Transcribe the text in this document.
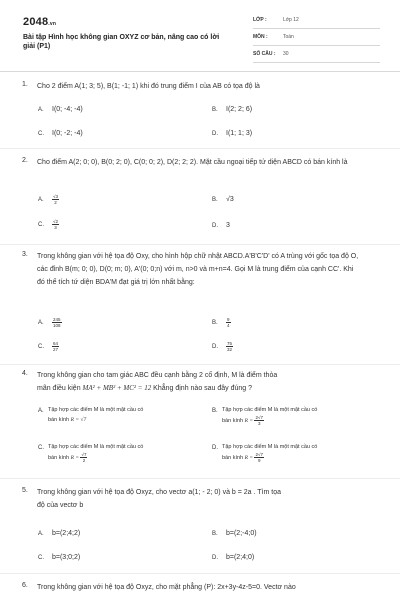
2048.vn
Bài tập Hình học không gian OXYZ cơ bản, nâng cao có lời giải (P1)
LỚP :	Lớp 12
MÔN :	Toán
SỐ CÂU :	30
1. Cho 2 điểm A(1; 3; 5), B(1; -1; 1) khi đó trung điểm I của AB có tọa độ là
A. I(0; -4; -4)	B. I(2; 2; 6)
C. I(0; -2; -4)	D. I(1; 1; 3)
2. Cho điểm A(2; 0; 0), B(0; 2; 0), C(0; 0; 2), D(2; 2; 2). Mặt cầu ngoại tiếp tứ diện ABCD có bán kính là
A. $\frac{√3}{2}$	B. √3
C. $\frac{√2}{3}$	D. 3
3. Trong không gian với hệ tọa độ Oxy, cho hình hộp chữ nhật ABCD.A'B'C'D' có A trùng với gốc tọa độ O, các đỉnh B(m; 0; 0), D(0; m; 0), A'(0; 0;n) với m, n>0 và m+n=4. Gọi M là trung điểm của cạnh CC'. Khi đó thể tích tứ diện BDA'M đạt giá trị lớn nhất bằng:
A. $\frac{245}{108}$	B. $\frac{9}{4}$
C. $\frac{64}{27}$	D. $\frac{75}{32}$
4. Trong không gian cho tam giác ABC đều cạnh bằng 2 cố định, M là điểm thỏa
mãn điều kiện MA² + MB² + MC² = 12 Khẳng định nào sau đây đúng ?
A. Tập hợp các điểm M là một mặt cầu có
bán kính R = √7
B. Tập hợp các điểm M là một mặt cầu có
bán kính $R = \frac{2√7}{3}$
C. Tập hợp các điểm M là một mặt cầu có
bán kính $R = \frac{√7}{2}$
D. Tập hợp các điểm M là một mặt cầu có
bán kính $R = \frac{2√7}{9}$
5. Trong không gian với hệ tọa độ Oxyz, cho vectơ a(1; - 2; 0) và b = 2a . Tìm tọa
độ của vectơ b
A. b=(2;4;2)	B. b=(2;-4;0)
C. b=(3;0;2)	D. b=(2;4;0)
6. Trong không gian với hệ tọa độ Oxyz, cho mặt phẳng (P): 2x+3y-4z-5=0. Vectơ nào
